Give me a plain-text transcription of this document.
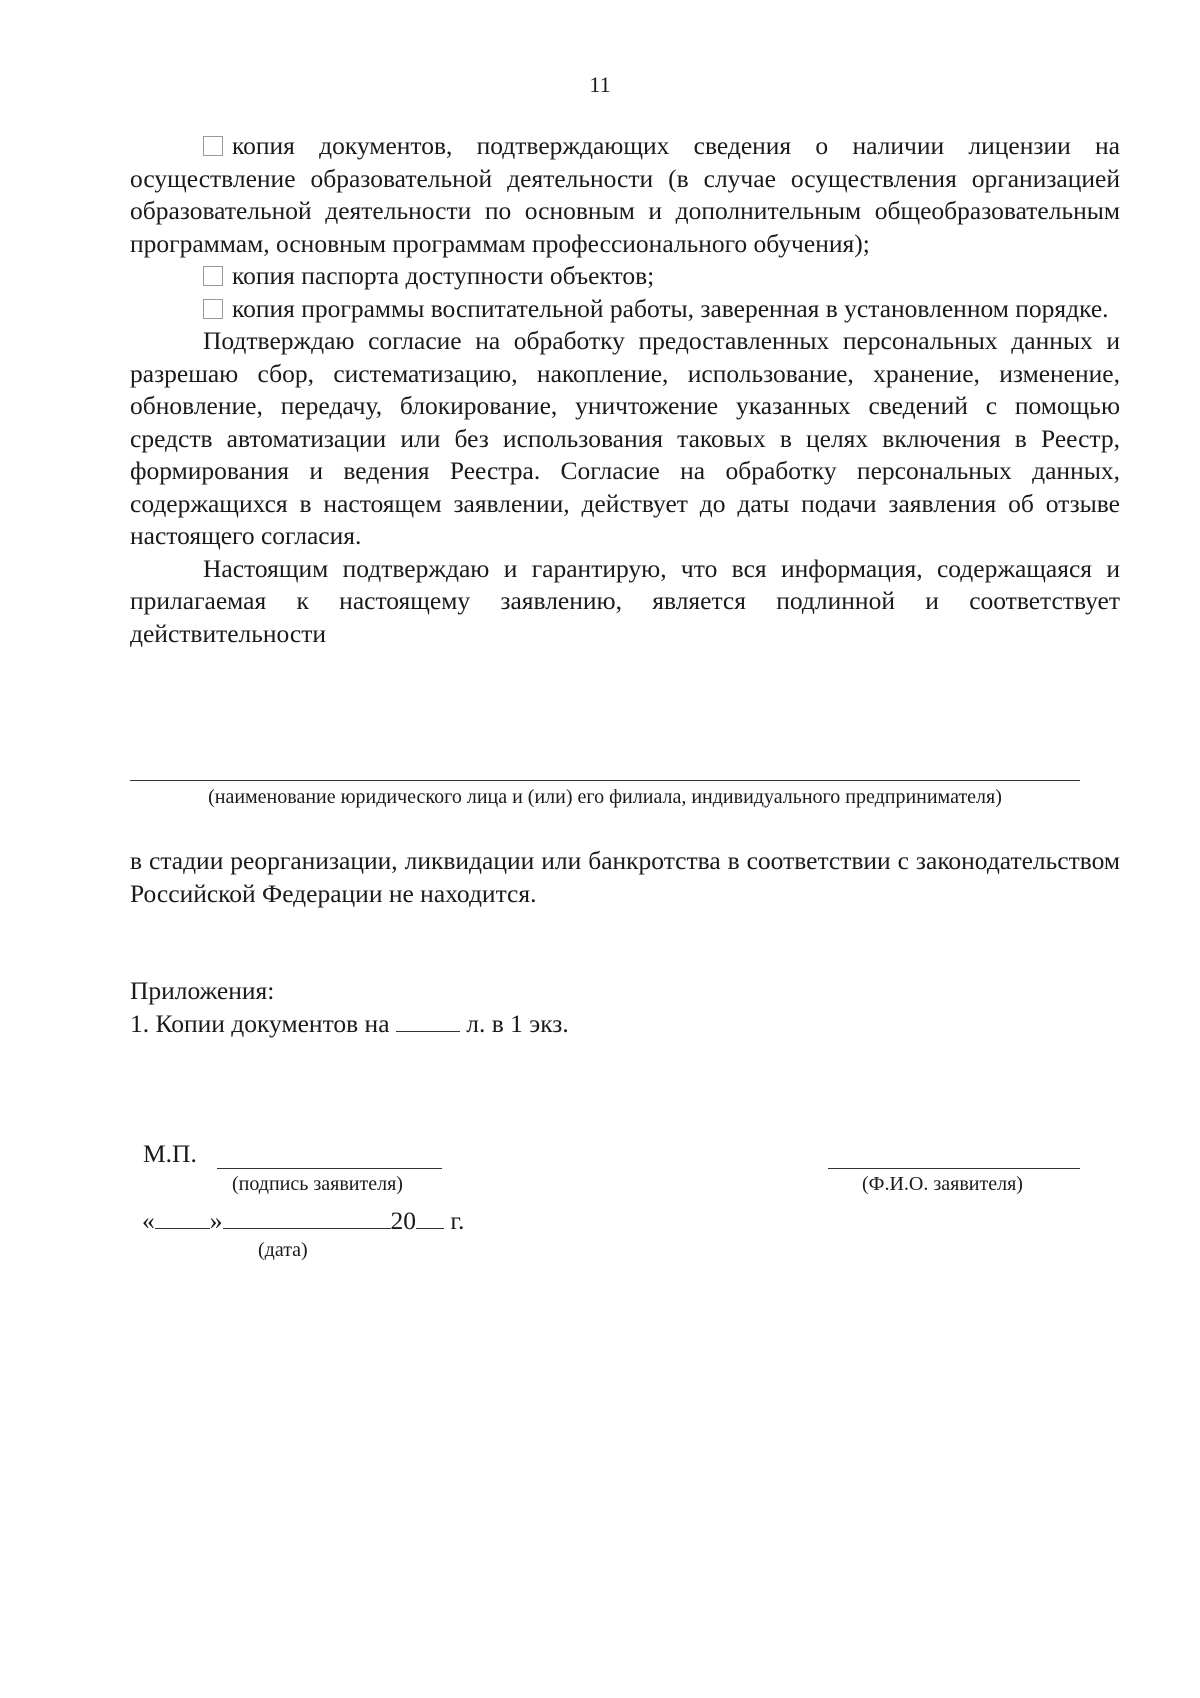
11

копия документов, подтверждающих сведения о наличии лицензии на осуществление образовательной деятельности (в случае осуществления организацией образовательной деятельности по основным и дополнительным общеобразовательным программам, основным программам профессионального обучения);

копия паспорта доступности объектов;

копия программы воспитательной работы, заверенная в установленном порядке.

Подтверждаю согласие на обработку предоставленных персональных данных и разрешаю сбор, систематизацию, накопление, использование, хранение, изменение, обновление, передачу, блокирование, уничтожение указанных сведений с помощью средств автоматизации или без использования таковых в целях включения в Реестр, формирования и ведения Реестра. Согласие на обработку персональных данных, содержащихся в настоящем заявлении, действует до даты подачи заявления об отзыве настоящего согласия.

Настоящим подтверждаю и гарантирую, что вся информация, содержащаяся и прилагаемая к настоящему заявлению, является подлинной и соответствует действительности

(наименование юридического лица и (или) его филиала, индивидуального предпринимателя)

в стадии реорганизации, ликвидации или банкротства в соответствии с законодательством Российской Федерации не находится.

Приложения:
1. Копии документов на	л. в 1 экз.
М.П.
(подпись заявителя)	(Ф.И.О. заявителя)
« »	20 г.
(дата)
